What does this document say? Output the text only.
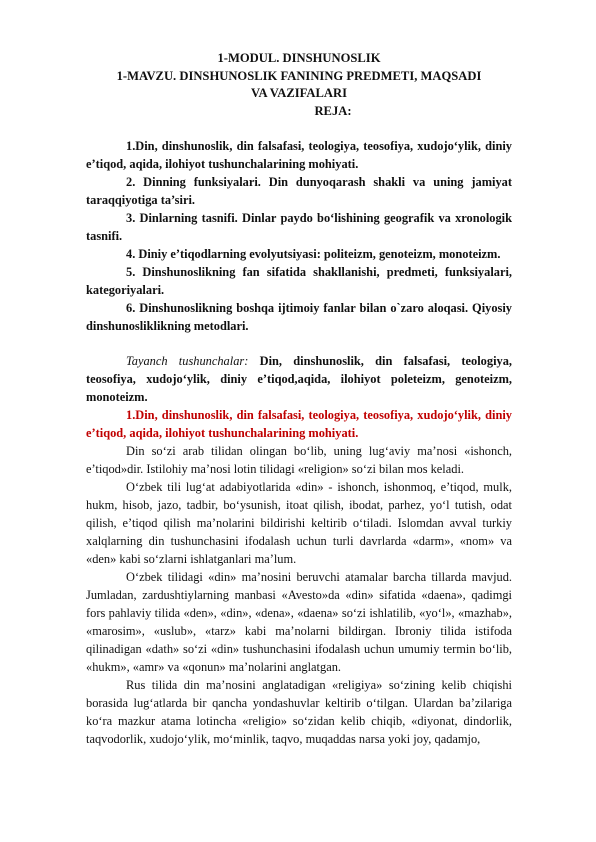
1-MODUL. DINSHUNOSLIK
1-MAVZU. DINSHUNOSLIK FANINING PREDMETI, MAQSADI
VA VAZIFALARI
REJA:

1.Din, dinshunoslik, din falsafasi, teologiya, teosofiya, xudojo‘ylik, diniy e’tiqod, aqida, ilohiyot tushunchalarining mohiyati.

2. Dinning funksiyalari. Din dunyoqarash shakli va uning jamiyat taraqqiyotiga ta’siri.

3. Dinlarning tasnifi. Dinlar paydo bo‘lishining geografik va xronologik tasnifi.

4. Diniy e’tiqodlarning evolyutsiyasi: politeizm, genoteizm, monoteizm.

5. Dinshunoslikning fan sifatida shakllanishi, predmeti, funksiyalari, kategoriyalari.

6. Dinshunoslikning boshqa ijtimoiy fanlar bilan o`zaro aloqasi. Qiyosiy dinshunosliklikning metodlari.

Tayanch tushunchalar: Din, dinshunoslik, din falsafasi, teologiya, teosofiya, xudojo‘ylik, diniy e’tiqod,aqida, ilohiyot poleteizm, genoteizm, monoteizm.

1.Din, dinshunoslik, din falsafasi, teologiya, teosofiya, xudojo‘ylik, diniy e’tiqod, aqida, ilohiyot tushunchalarining mohiyati.

Din so‘zi arab tilidan olingan bo‘lib, uning lug‘aviy ma’nosi «ishonch, e’tiqod»dir. Istilohiy ma’nosi lotin tilidagi «religion» so‘zi bilan mos keladi.

O‘zbek tili lug‘at adabiyotlarida «din» - ishonch, ishonmoq, e’tiqod, mulk, hukm, hisob, jazo, tadbir, bo‘ysunish, itoat qilish, ibodat, parhez, yo‘l tutish, odat qilish, e’tiqod qilish ma’nolarini bildirishi keltirib o‘tiladi. Islomdan avval turkiy xalqlarning din tushunchasini ifodalash uchun turli davrlarda «darm», «nom» va «den» kabi so‘zlarni ishlatganlari ma’lum.

O‘zbek tilidagi «din» ma’nosini beruvchi atamalar barcha tillarda mavjud. Jumladan, zardushtiylarning manbasi «Avesto»da «din» sifatida «daena», qadimgi fors pahlaviy tilida «den», «din», «dena», «daena» so‘zi ishlatilib, «yo‘l», «mazhab», «marosim», «uslub», «tarz» kabi ma’nolarni bildirgan. Ibroniy tilida istifoda qilinadigan «dath» so‘zi «din» tushunchasini ifodalash uchun umumiy termin bo‘lib, «hukm», «amr» va «qonun» ma’nolarini anglatgan.

Rus tilida din ma’nosini anglatadigan «religiya» so‘zining kelib chiqishi borasida lug‘atlarda bir qancha yondashuvlar keltirib o‘tilgan. Ulardan ba’zilariga ko‘ra mazkur atama lotincha «religio» so‘zidan kelib chiqib, «diyonat, dindorlik, taqvodorlik, xudojo‘ylik, mo‘minlik, taqvo, muqaddas narsa yoki joy, qadamjo,
